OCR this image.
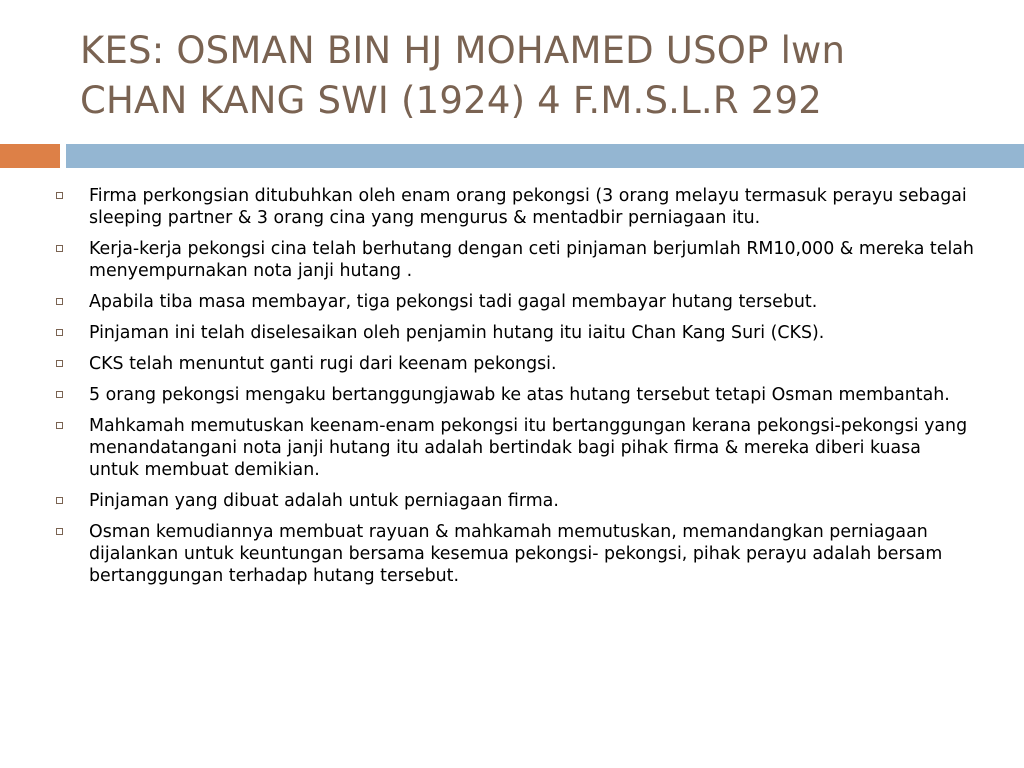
KES: OSMAN BIN HJ MOHAMED USOP lwn
CHAN KANG SWI (1924) 4 F.M.S.L.R 292
Firma perkongsian ditubuhkan oleh enam orang pekongsi (3 orang melayu termasuk perayu sebagai sleeping partner & 3 orang cina yang mengurus & mentadbir perniagaan itu.
Kerja-kerja pekongsi cina telah berhutang dengan ceti pinjaman berjumlah RM10,000 & mereka telah menyempurnakan nota janji hutang .
Apabila tiba masa membayar, tiga pekongsi tadi gagal membayar hutang tersebut.
Pinjaman ini telah diselesaikan oleh penjamin hutang itu iaitu Chan Kang Suri (CKS).
CKS telah menuntut ganti rugi dari keenam pekongsi.
5 orang pekongsi mengaku bertanggungjawab ke atas hutang tersebut tetapi Osman membantah.
Mahkamah memutuskan keenam-enam pekongsi itu bertanggungan kerana pekongsi-pekongsi yang menandatangani nota janji hutang itu adalah bertindak bagi pihak firma & mereka diberi kuasa untuk membuat demikian.
Pinjaman yang dibuat adalah untuk perniagaan firma.
Osman kemudiannya membuat rayuan & mahkamah memutuskan, memandangkan perniagaan dijalankan untuk keuntungan bersama kesemua pekongsi- pekongsi, pihak perayu adalah bersam bertanggungan terhadap hutang tersebut.
